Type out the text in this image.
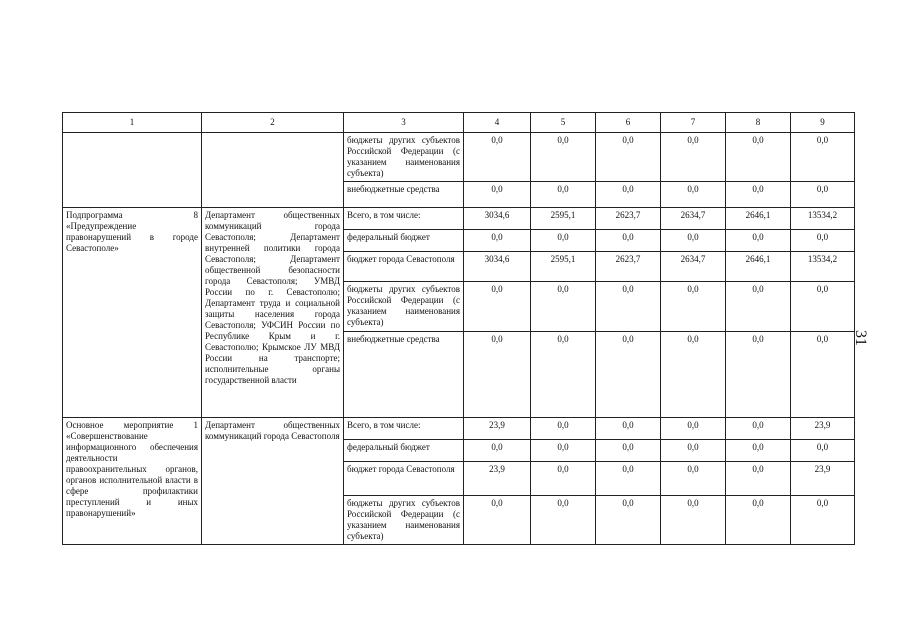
31
1	2	3	4	5	6	7	8	9
		бюджеты других субъектов Российской Федерации (с указанием наименования субъекта)	0,0	0,0	0,0	0,0	0,0	0,0
		внебюджетные средства	0,0	0,0	0,0	0,0	0,0	0,0
Подпрограмма 8 «Предупреждение правонарушений в городе Севастополе»	Департамент общественных коммуникаций города Севастополя; Департамент внутренней политики города Севастополя; Департамент общественной безопасности города Севастополя; УМВД России по г. Севастополю; Департамент труда и социальной защиты населения города Севастополя; УФСИН России по Республике Крым и г. Севастополю; Крымское ЛУ МВД России на транспорте; исполнительные органы государственной власти	Всего, в том числе:	3034,6	2595,1	2623,7	2634,7	2646,1	13534,2
		федеральный бюджет	0,0	0,0	0,0	0,0	0,0	0,0
		бюджет города Севастополя	3034,6	2595,1	2623,7	2634,7	2646,1	13534,2
		бюджеты других субъектов Российской Федерации (с указанием наименования субъекта)	0,0	0,0	0,0	0,0	0,0	0,0
		внебюджетные средства	0,0	0,0	0,0	0,0	0,0	0,0
Основное мероприятие 1 «Совершенствование информационного обеспечения деятельности правоохранительных органов, органов исполнительной власти в сфере профилактики преступлений и иных правонарушений»	Департамент общественных коммуникаций города Севастополя	Всего, в том числе:	23,9	0,0	0,0	0,0	0,0	23,9
		федеральный бюджет	0,0	0,0	0,0	0,0	0,0	0,0
		бюджет города Севастополя	23,9	0,0	0,0	0,0	0,0	23,9
		бюджеты других субъектов Российской Федерации (с указанием наименования субъекта)	0,0	0,0	0,0	0,0	0,0	0,0
